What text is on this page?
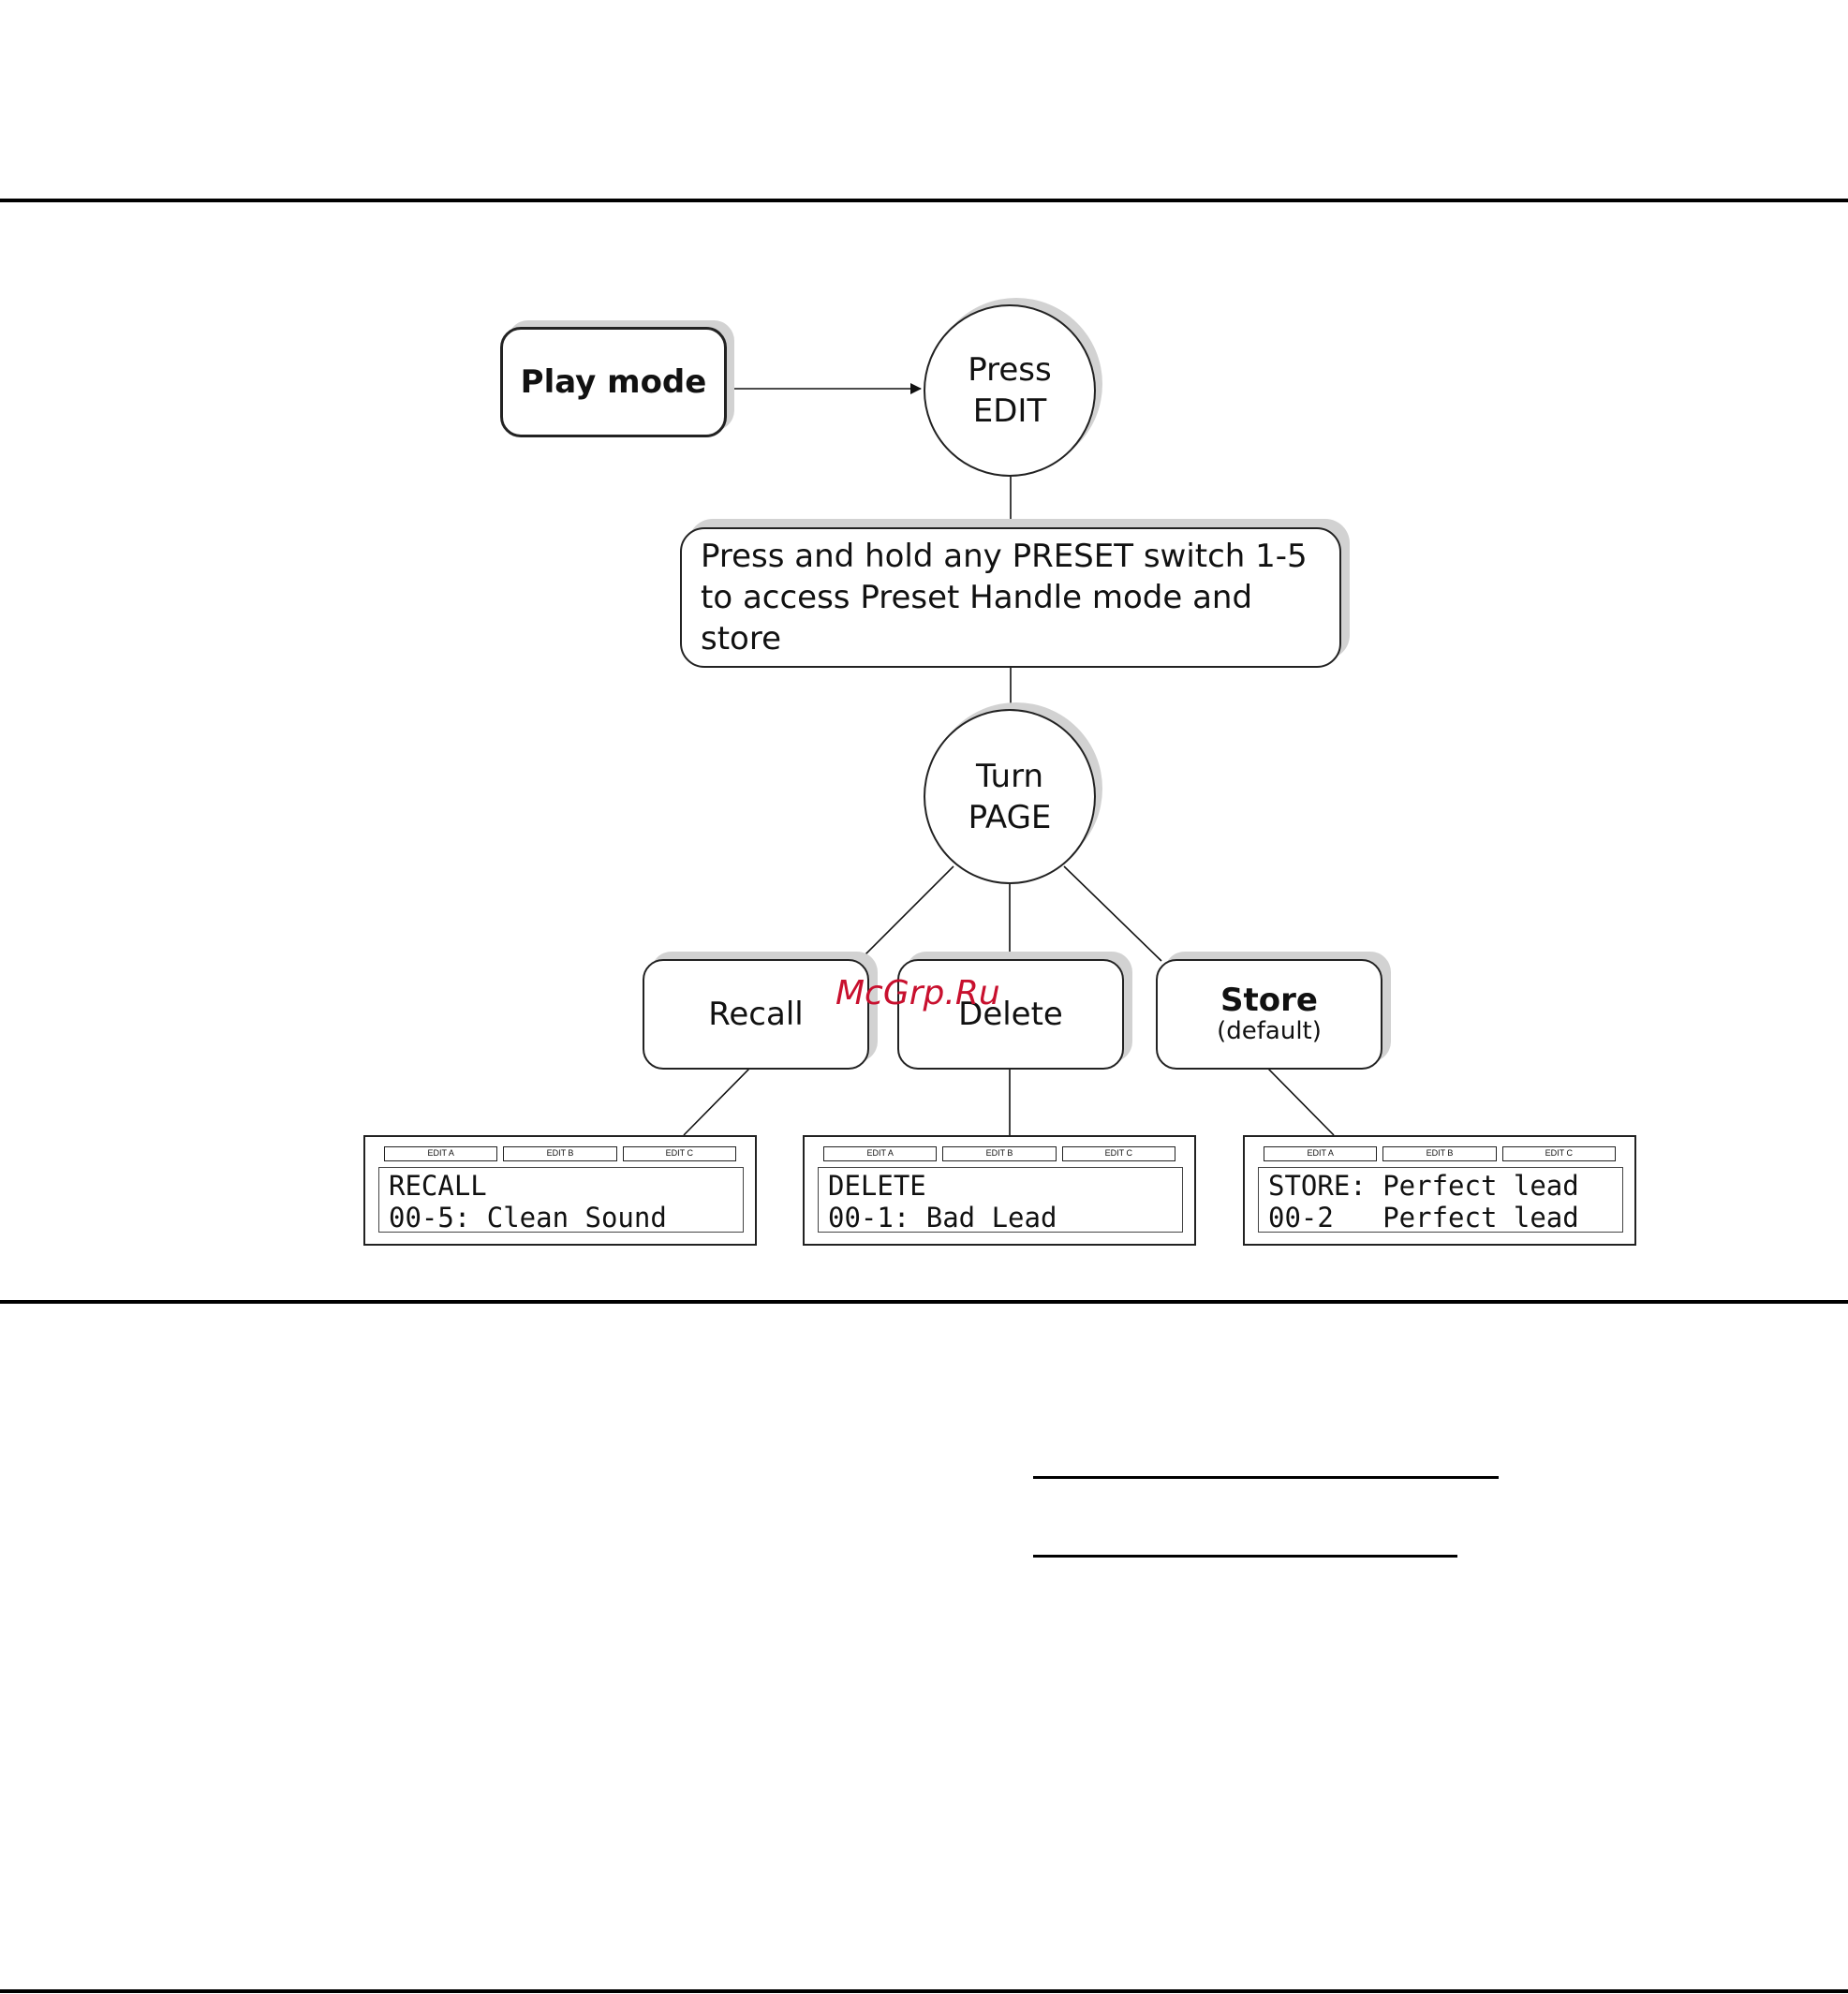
Play mode	Press
EDIT
Press and hold any PRESET switch 1-5
to access Preset Handle mode and store
Turn
PAGE
Recall	Delete	Store
(default)
EDIT A	EDIT B	EDIT C
RECALL
00-5: Clean Sound
EDIT A	EDIT B	EDIT C
DELETE
00-1: Bad Lead
EDIT A	EDIT B	EDIT C
STORE: Perfect lead
00-2   Perfect lead
McGrp.Ru
